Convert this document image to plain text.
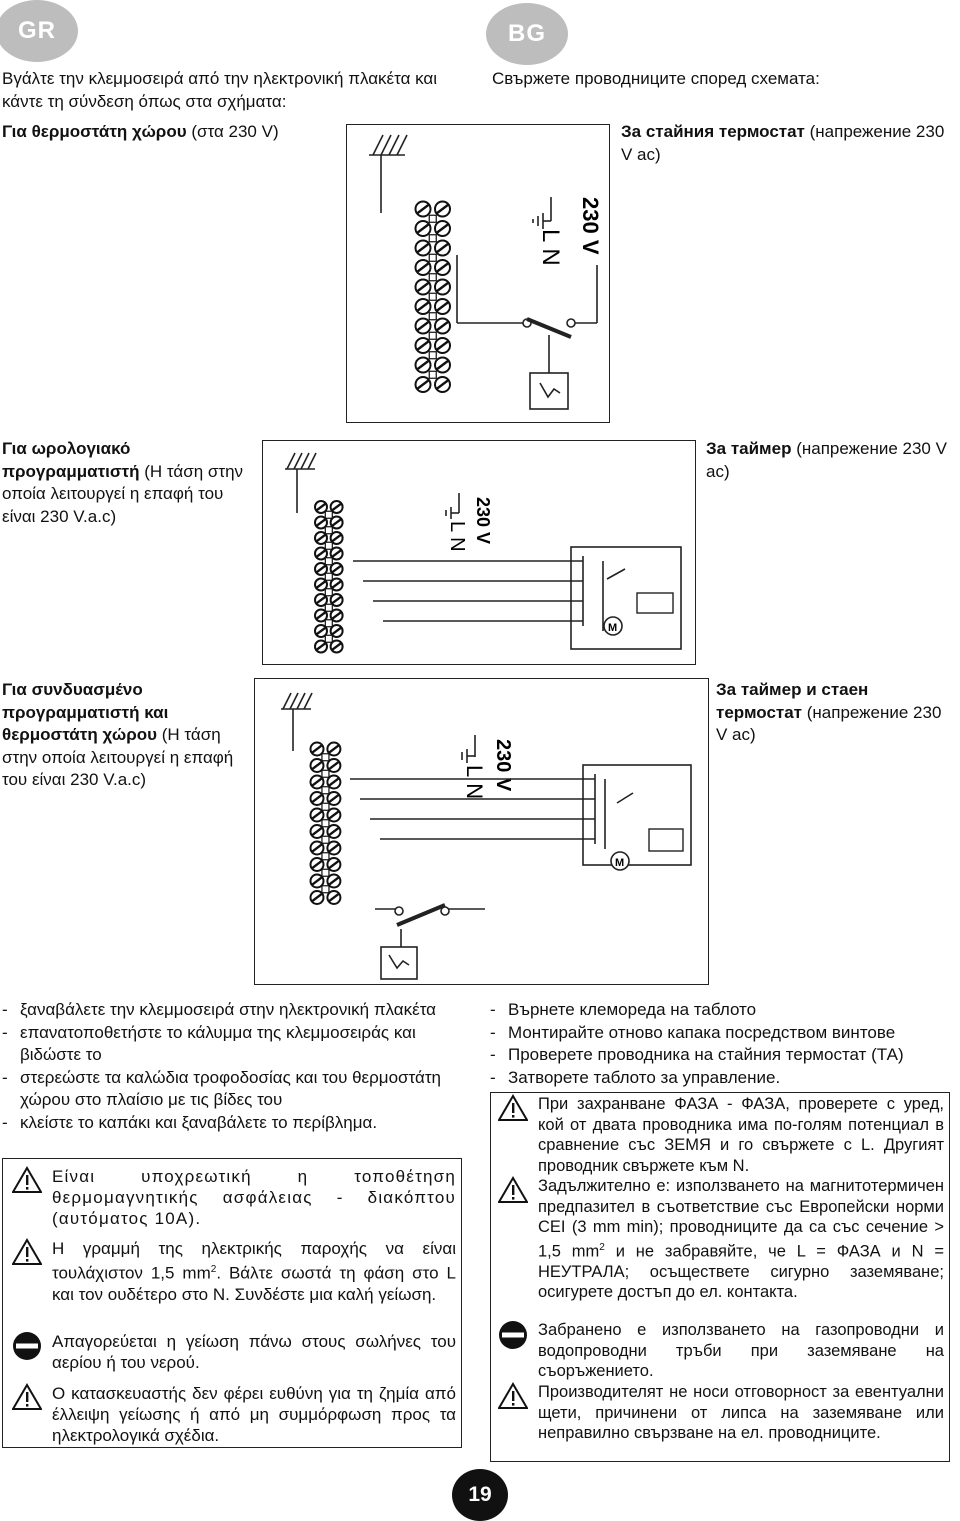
GR	BG
Βγάλτε την κλεμμοσειρά από την ηλεκτρονική πλακέτα και κάντε τη σύνδεση όπως στα σχήματα:
Свържете проводниците според схемата:
Για θερμοστάτη χώρου (στα 230 V)	За стайния термостат (напрежение 230 V ac)
LN
230 V
Για ωρολογιακό προγραμματιστή (Η τάση στην οποία λειτουργεί η επαφή του είναι 230 V.a.c)
За таймер (напрежение 230 V ac)
LN
230 V
M
Για συνδυασμένο προγραμματιστή και θερμοστάτη χώρου (Η τάση στην οποία λειτουργεί η επαφή του είναι 230 V.a.c)
За таймер и стаен термостат (напрежение 230 V ac)
LN 230 V
M
- ξαναβάλετε την κλεμμοσειρά στην ηλεκτρονική πλακέτα
- επανατοποθετήστε το κάλυμμα της κλεμμοσειράς και βιδώστε το
- στερεώστε τα καλώδια τροφοδοσίας και του θερμοστάτη χώρου στο πλαίσιο με τις βίδες του
- κλείστε το καπάκι και ξαναβάλετε το περίβλημα.
- Върнете клемореда на таблото
- Монтирайте отново капака посредством винтове
- Проверете проводника на стайния термостат (ТА)
- Затворете таблото за управление.
Είναι υποχρεωτική η τοποθέτηση θερμομαγνητικής ασφάλειας - διακόπτου (αυτόματος 10A).
Η γραμμή της ηλεκτρικής παροχής να είναι τουλάχιστον 1,5 $mm^2$. Βάλτε σωστά τη φάση στο L και τον ουδέτερο στο N. Συνδέστε μια καλή γείωση.
Απαγορεύεται η γείωση πάνω στους σωλήνες του αερίου ή του νερού.
Ο κατασκευαστής δεν φέρει ευθύνη για τη ζημία από έλλειψη γείωσης ή από μη συμμόρφωση προς τα ηλεκτρολογικά σχέδια.
При захранване ФАЗА - ФАЗА, проверете с уред, кой от двата проводника има по-голям потенциал в сравнение със ЗЕМЯ и го свържете с L. Другият проводник свържете към N.
Задължително е: използването на магнитотермичен предпазител в съответствие със Европейски норми CEI (3 mm min); проводниците да са със сечение > 1,5 $mm^2$ и не забравяйте, че L = ФАЗА и N = НЕУТРАЛА; осъществете сигурно заземяване; осигурете достъп до ел. контакта.
Забранено е използването на газопроводни и водопроводни тръби при заземяване на съоръжението.
Производителят не носи отговорност за евентуални щети, причинени от липса на заземяване или неправилно свързване на ел. проводниците.
19
